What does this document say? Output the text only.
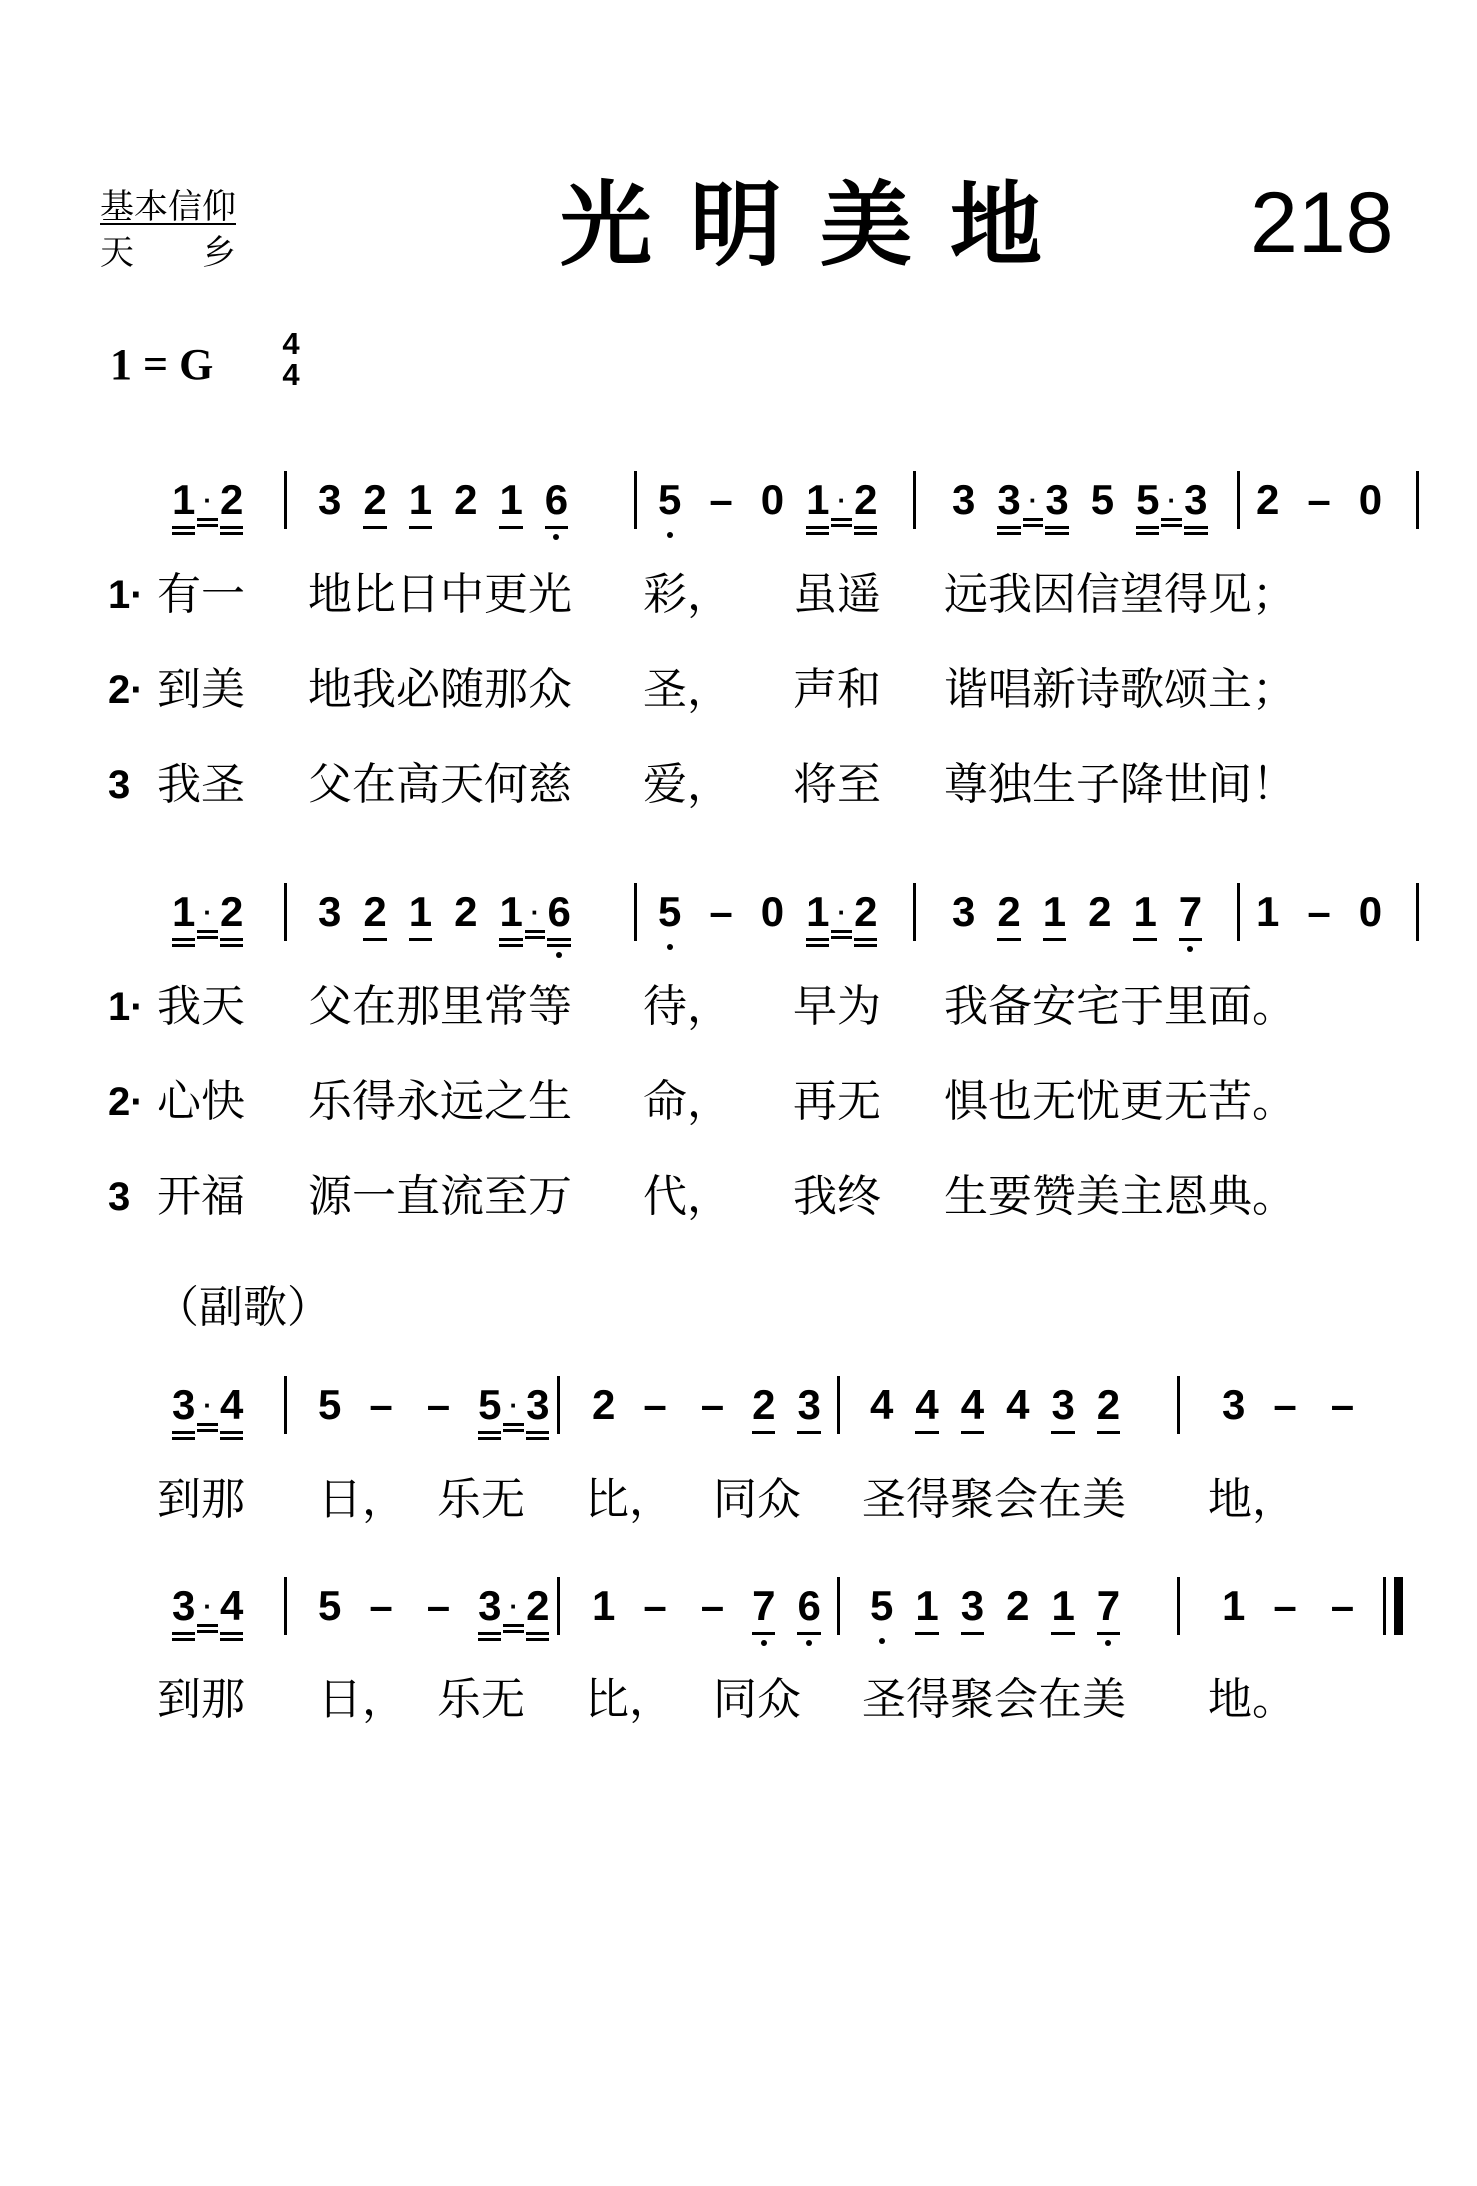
基本信仰
天　　乡	光明美地 218
1 = G 4
4
（副歌）
1 · 2 3 2 1 2 1 6 5 – 0 1 · 2 3 3 · 3 5 5 · 3 2 – 0
1· 有一 地比日中更光 彩， 虽遥 远我因信望得见；
2· 到美 地我必随那众 圣， 声和 谐唱新诗歌颂主；
3 我圣 父在高天何慈 爱， 将至 尊独生子降世间！
1 · 2 3 2 1 2 1 · 6 5 – 0 1 · 2 3 2 1 2 1 7 1 – 0
1· 我天 父在那里常等 待， 早为 我备安宅于里面。
2· 心快 乐得永远之生 命， 再无 惧也无忧更无苦。
3 开福 源一直流至万 代， 我终 生要赞美主恩典。
3 · 4 5 – – 5 · 3 2 – – 2 3 4 4 4 4 3 2 3 – –
到那 日， 乐无 比， 同众 圣得聚会在美 地，
3 · 4 5 – – 3 · 2 1 – – 7 6 5 1 3 2 1 7 1 – –
到那 日， 乐无 比， 同众 圣得聚会在美 地。
